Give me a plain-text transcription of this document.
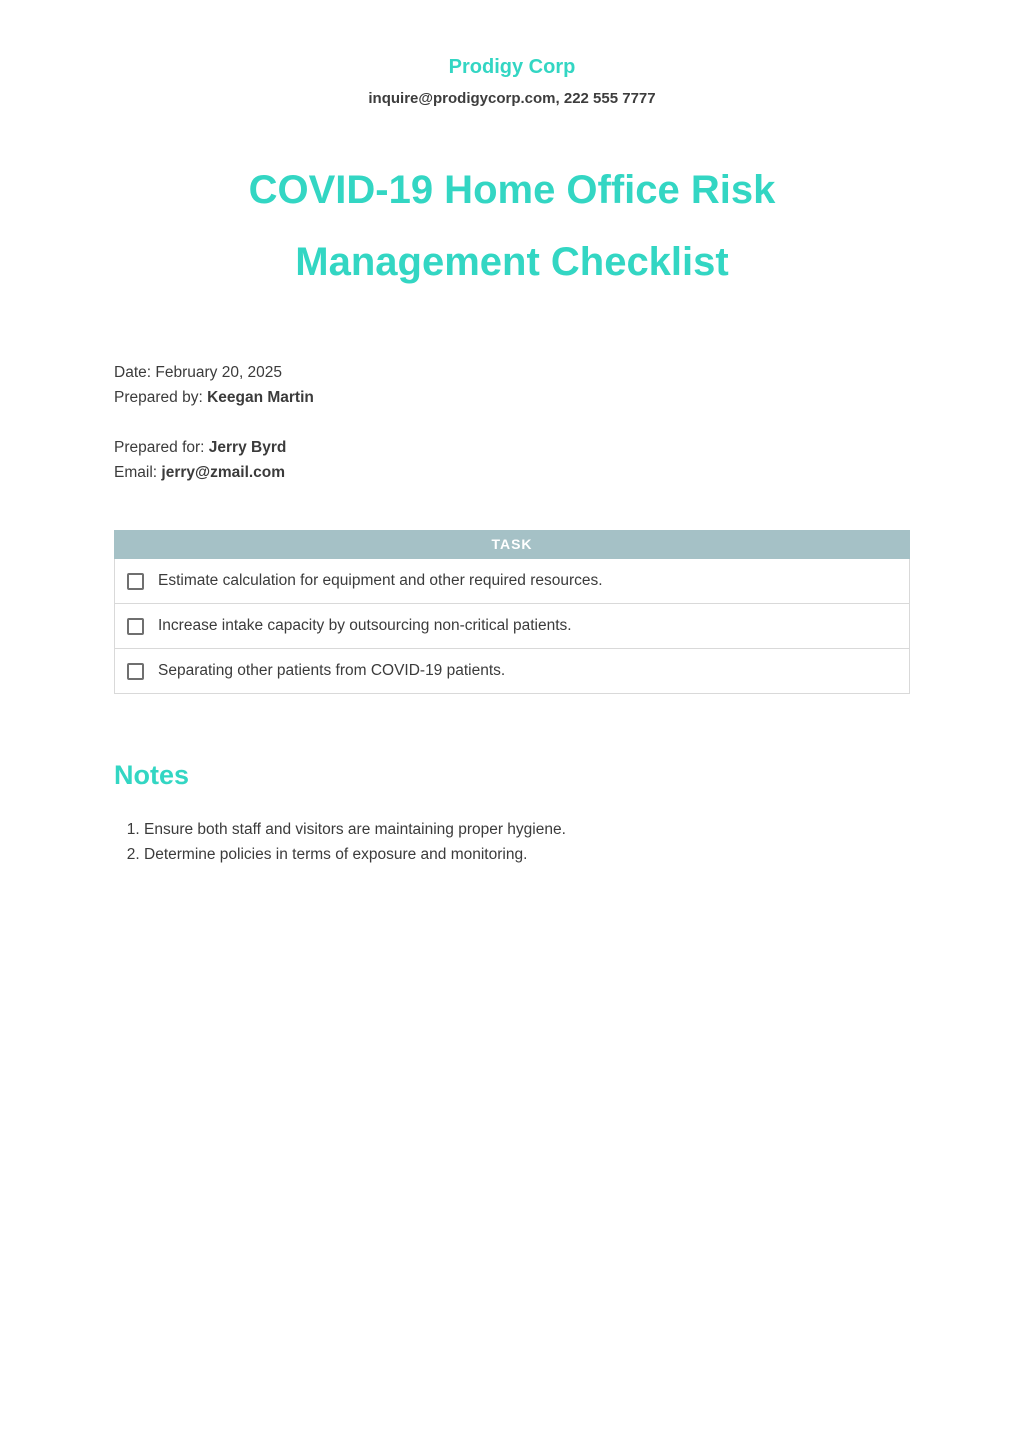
Prodigy Corp
inquire@prodigycorp.com, 222 555 7777
COVID-19 Home Office Risk Management Checklist
Date: February 20, 2025
Prepared by: Keegan Martin
Prepared for: Jerry Byrd
Email: jerry@zmail.com
TASK
Estimate calculation for equipment and other required resources.
Increase intake capacity by outsourcing non-critical patients.
Separating other patients from COVID-19 patients.
Notes
1. Ensure both staff and visitors are maintaining proper hygiene.
2. Determine policies in terms of exposure and monitoring.
